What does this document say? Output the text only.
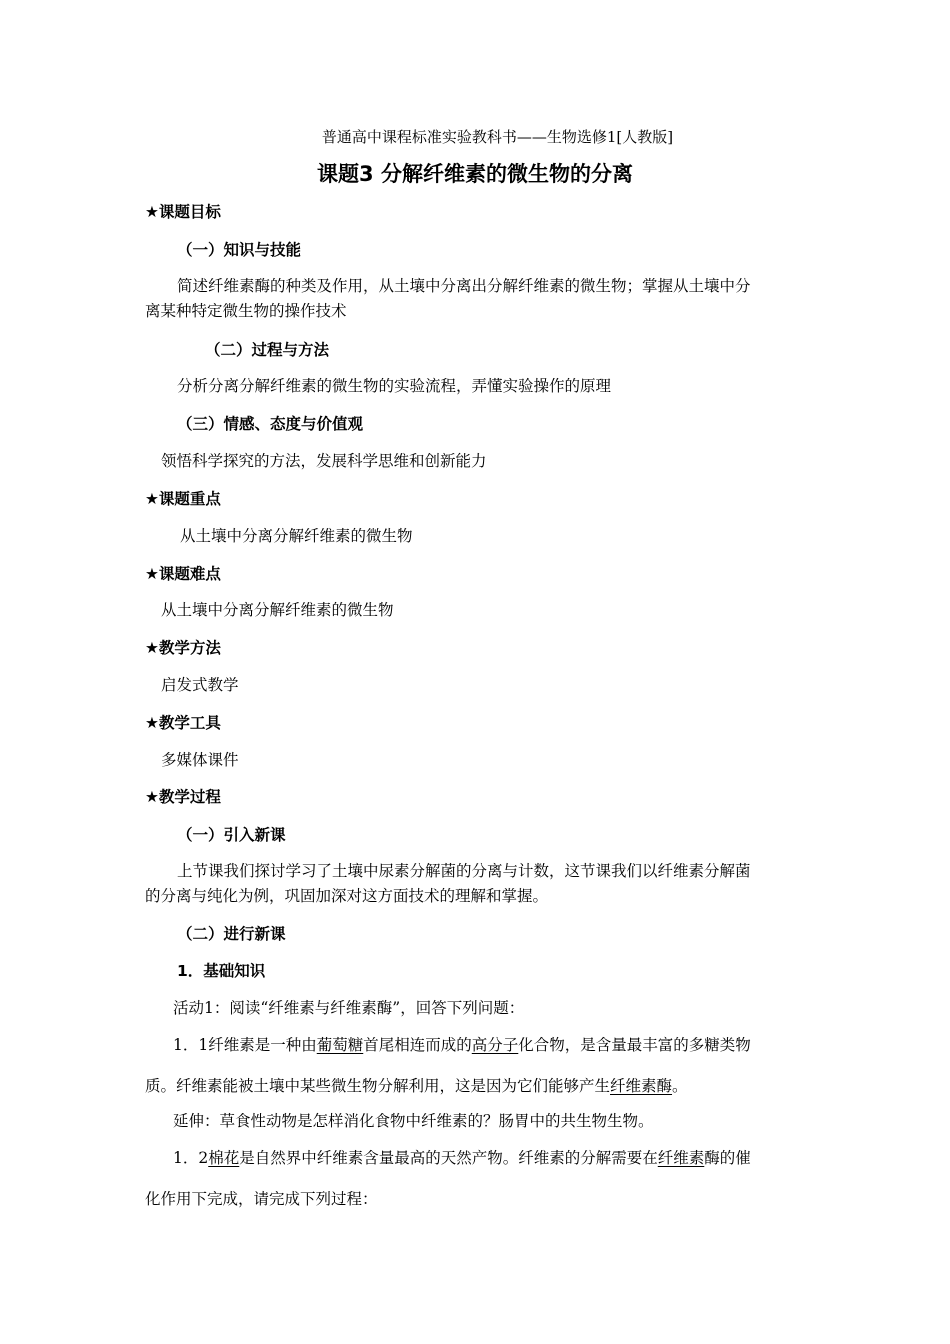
普通高中课程标准实验教科书——生物选修1[人教版]
课题3 分解纤维素的微生物的分离
★课题目标
（一）知识与技能
简述纤维素酶的种类及作用，从土壤中分离出分解纤维素的微生物；掌握从土壤中分
离某种特定微生物的操作技术
（二）过程与方法
分析分离分解纤维素的微生物的实验流程，弄懂实验操作的原理
（三）情感、态度与价值观
领悟科学探究的方法，发展科学思维和创新能力
★课题重点
从土壤中分离分解纤维素的微生物
★课题难点
从土壤中分离分解纤维素的微生物
★教学方法
启发式教学
★教学工具
多媒体课件
★教学过程
（一）引入新课
上节课我们探讨学习了土壤中尿素分解菌的分离与计数，这节课我们以纤维素分解菌
的分离与纯化为例，巩固加深对这方面技术的理解和掌握。
（二）进行新课
1．基础知识
活动1：阅读“纤维素与纤维素酶”，回答下列问题：
1．1纤维素是一种由葡萄糖首尾相连而成的高分子化合物，是含量最丰富的多糖类物
质。纤维素能被土壤中某些微生物分解利用，这是因为它们能够产生纤维素酶。
延伸：草食性动物是怎样消化食物中纤维素的？肠胃中的共生物生物。
1．2棉花是自然界中纤维素含量最高的天然产物。纤维素的分解需要在纤维素酶的催
化作用下完成，请完成下列过程：
